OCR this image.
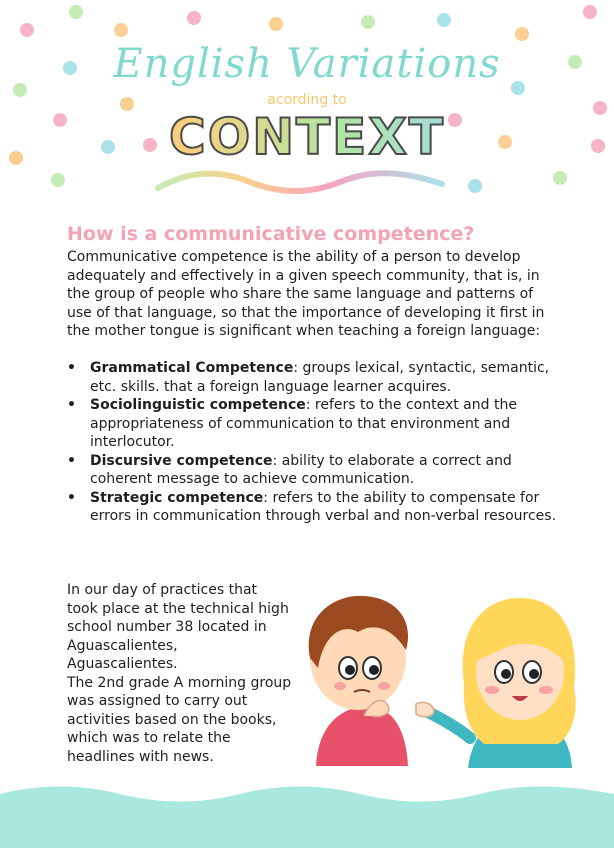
English Variations
acording to
CONTEXT
How is a communicative competence?

Communicative competence is the ability of a person to develop adequately and effectively in a given speech community, that is, in the group of people who share the same language and patterns of use of that language, so that the importance of developing it first in the mother tongue is significant when teaching a foreign language:

• Grammatical Competence: groups lexical, syntactic, semantic, etc. skills. that a foreign language learner acquires.
• Sociolinguistic competence: refers to the context and the appropriateness of communication to that environment and interlocutor.
• Discursive competence: ability to elaborate a correct and coherent message to achieve communication.
• Strategic competence: refers to the ability to compensate for errors in communication through verbal and non-verbal resources.
In our day of practices that took place at the technical high school number 38 located in Aguascalientes, Aguascalientes.
The 2nd grade A morning group was assigned to carry out activities based on the books, which was to relate the headlines with news.
